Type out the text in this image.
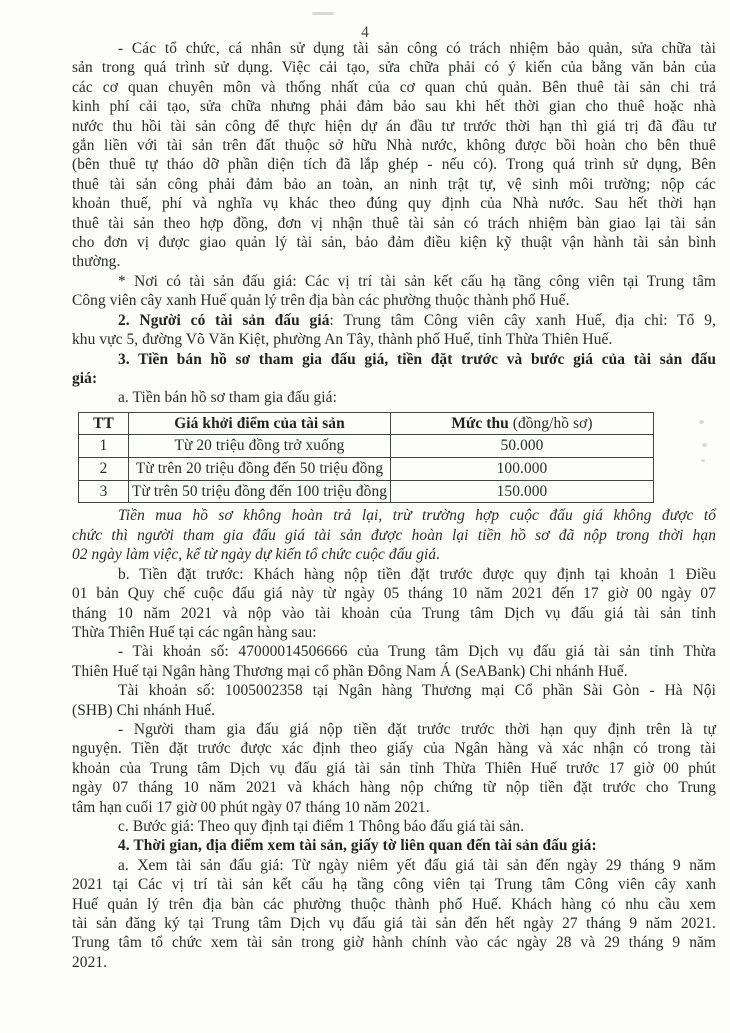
4
- Các tổ chức, cá nhân sử dụng tài sản công có trách nhiệm bảo quản, sửa chữa tài
sản trong quá trình sử dụng. Việc cải tạo, sửa chữa phải có ý kiến của bằng văn bản của
các cơ quan chuyên môn và thống nhất của cơ quan chủ quản. Bên thuê tài sản chi trả
kinh phí cải tạo, sửa chữa nhưng phải đảm bảo sau khi hết thời gian cho thuê hoặc nhà
nước thu hồi tài sản công để thực hiện dự án đầu tư trước thời hạn thì giá trị đã đầu tư
gắn liền với tài sản trên đất thuộc sở hữu Nhà nước, không được bồi hoàn cho bên thuê
(bên thuê tự tháo dỡ phần diện tích đã lắp ghép - nếu có). Trong quá trình sử dụng, Bên
thuê tài sản công phải đảm bảo an toàn, an ninh trật tự, vệ sinh môi trường; nộp các
khoản thuế, phí và nghĩa vụ khác theo đúng quy định của Nhà nước. Sau hết thời hạn
thuê tài sản theo hợp đồng, đơn vị nhận thuê tài sản có trách nhiệm bàn giao lại tài sản
cho đơn vị được giao quản lý tài sản, bảo đảm điều kiện kỹ thuật vận hành tài sản bình
thường.
* Nơi có tài sản đấu giá: Các vị trí tài sản kết cấu hạ tầng công viên tại Trung tâm
Công viên cây xanh Huế quản lý trên địa bàn các phường thuộc thành phố Huế.
2. Người có tài sản đấu giá: Trung tâm Công viên cây xanh Huế, địa chỉ: Tổ 9,
khu vực 5, đường Võ Văn Kiệt, phường An Tây, thành phố Huế, tỉnh Thừa Thiên Huế.
3. Tiền bán hồ sơ tham gia đấu giá, tiền đặt trước và bước giá của tài sản đấu
giá:
a. Tiền bán hồ sơ tham gia đấu giá:
TT	Giá khởi điểm của tài sản	Mức thu (đồng/hồ sơ)
1	Từ 20 triệu đồng trở xuống	50.000
2	Từ trên 20 triệu đồng đến 50 triệu đồng	100.000
3	Từ trên 50 triệu đồng đến 100 triệu đồng	150.000
Tiền mua hồ sơ không hoàn trả lại, trừ trường hợp cuộc đấu giá không được tổ
chức thì người tham gia đấu giá tài sản được hoàn lại tiền hồ sơ đã nộp trong thời hạn
02 ngày làm việc, kể từ ngày dự kiến tổ chức cuộc đấu giá.
b. Tiền đặt trước: Khách hàng nộp tiền đặt trước được quy định tại khoản 1 Điều
01 bản Quy chế cuộc đấu giá này từ ngày 05 tháng 10 năm 2021 đến 17 giờ 00 ngày 07
tháng 10 năm 2021 và nộp vào tài khoản của Trung tâm Dịch vụ đấu giá tài sản tỉnh
Thừa Thiên Huế tại các ngân hàng sau:
- Tài khoản số: 47000014506666 của Trung tâm Dịch vụ đấu giá tài sản tỉnh Thừa
Thiên Huế tại Ngân hàng Thương mại cổ phần Đông Nam Á (SeABank) Chi nhánh Huế.
Tài khoản số: 1005002358 tại Ngân hàng Thương mại Cổ phần Sài Gòn - Hà Nội
(SHB) Chi nhánh Huế.
- Người tham gia đấu giá nộp tiền đặt trước trước thời hạn quy định trên là tự
nguyện. Tiền đặt trước được xác định theo giấy của Ngân hàng và xác nhận có trong tài
khoản của Trung tâm Dịch vụ đấu giá tài sản tỉnh Thừa Thiên Huế trước 17 giờ 00 phút
ngày 07 tháng 10 năm 2021 và khách hàng nộp chứng từ nộp tiền đặt trước cho Trung
tâm hạn cuối 17 giờ 00 phút ngày 07 tháng 10 năm 2021.
c. Bước giá: Theo quy định tại điểm 1 Thông báo đấu giá tài sản.
4. Thời gian, địa điểm xem tài sản, giấy tờ liên quan đến tài sản đấu giá:
a. Xem tài sản đấu giá: Từ ngày niêm yết đấu giá tài sản đến ngày 29 tháng 9 năm
2021 tại Các vị trí tài sản kết cấu hạ tầng công viên tại Trung tâm Công viên cây xanh
Huế quản lý trên địa bàn các phường thuộc thành phố Huế. Khách hàng có nhu cầu xem
tài sản đăng ký tại Trung tâm Dịch vụ đấu giá tài sản đến hết ngày 27 tháng 9 năm 2021.
Trung tâm tổ chức xem tài sản trong giờ hành chính vào các ngày 28 và 29 tháng 9 năm
2021.
